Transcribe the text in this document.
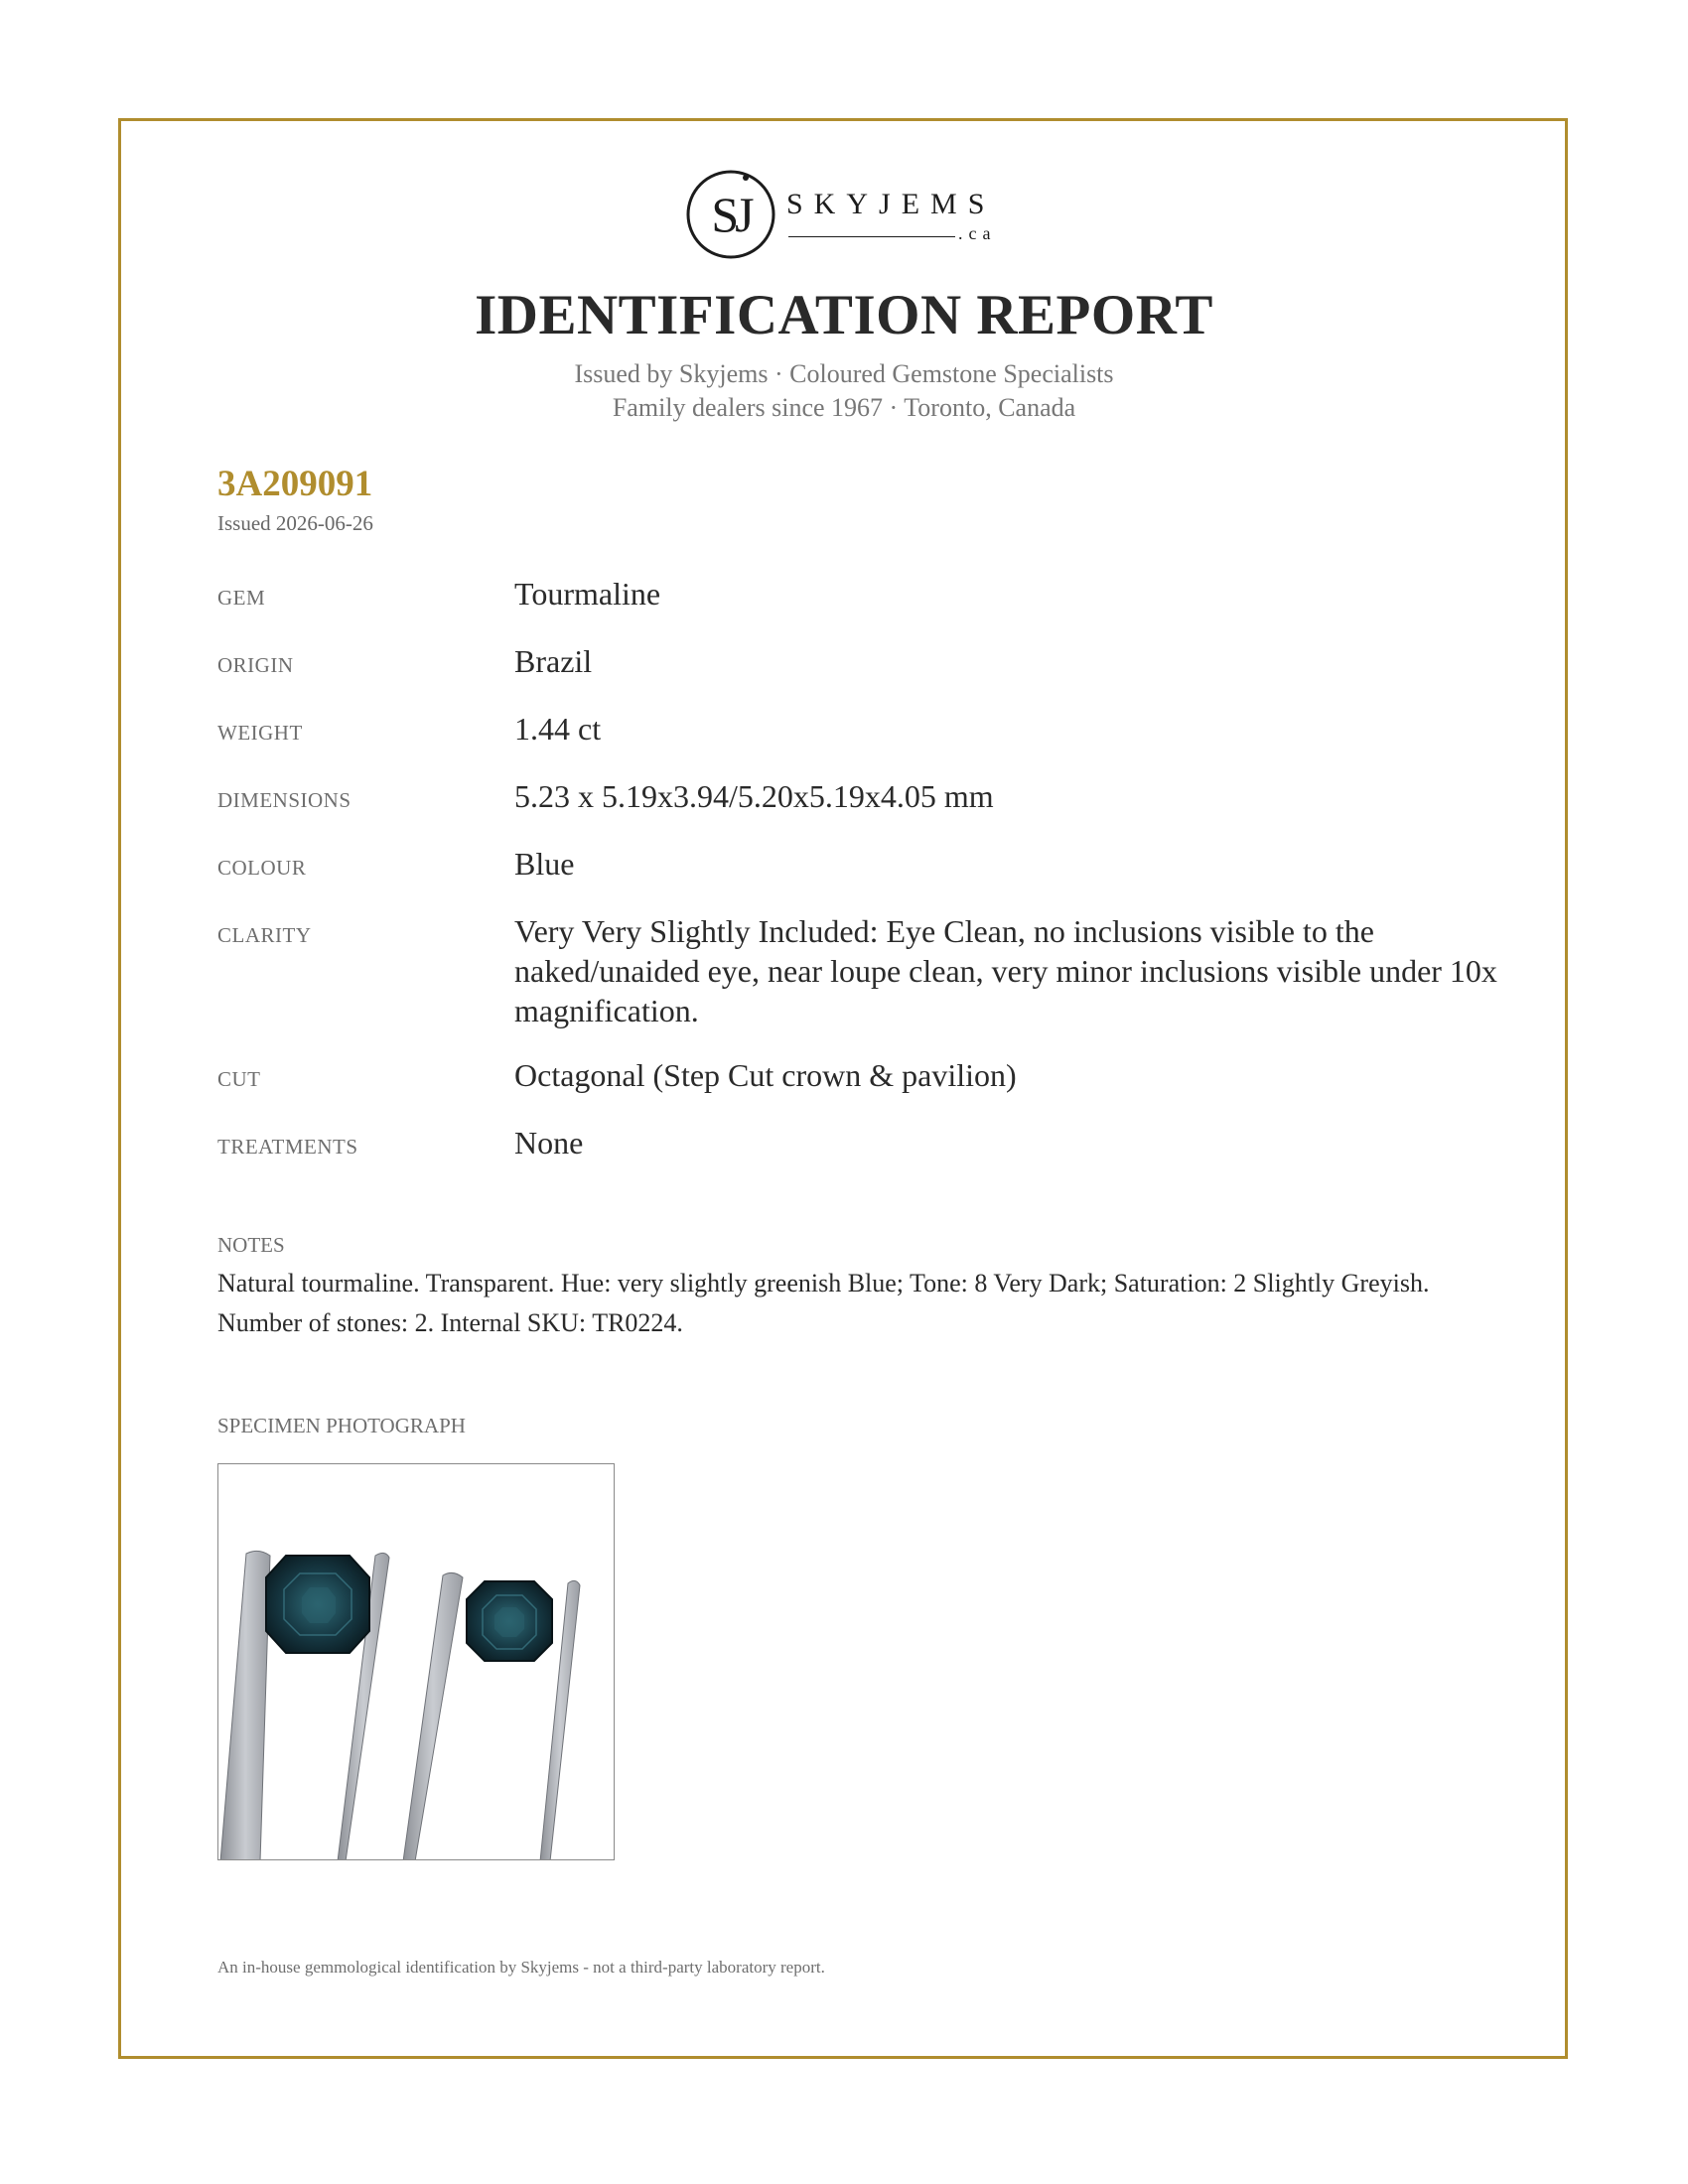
SJ SKYJEMS
.ca
IDENTIFICATION REPORT
Issued by Skyjems · Coloured Gemstone Specialists
Family dealers since 1967 · Toronto, Canada
3A209091
Issued 2026-06-26
GEM	Tourmaline
ORIGIN	Brazil
WEIGHT	1.44 ct
DIMENSIONS	5.23 x 5.19x3.94/5.20x5.19x4.05 mm
COLOUR	Blue
CLARITY	Very Very Slightly Included: Eye Clean, no inclusions visible to the naked/unaided eye, near loupe clean, very minor inclusions visible under 10x magnification.
CUT	Octagonal (Step Cut crown & pavilion)
TREATMENTS	None
NOTES
Natural tourmaline. Transparent. Hue: very slightly greenish Blue; Tone: 8 Very Dark; Saturation: 2 Slightly Greyish. Number of stones: 2. Internal SKU: TR0224.
SPECIMEN PHOTOGRAPH
An in-house gemmological identification by Skyjems - not a third-party laboratory report.
